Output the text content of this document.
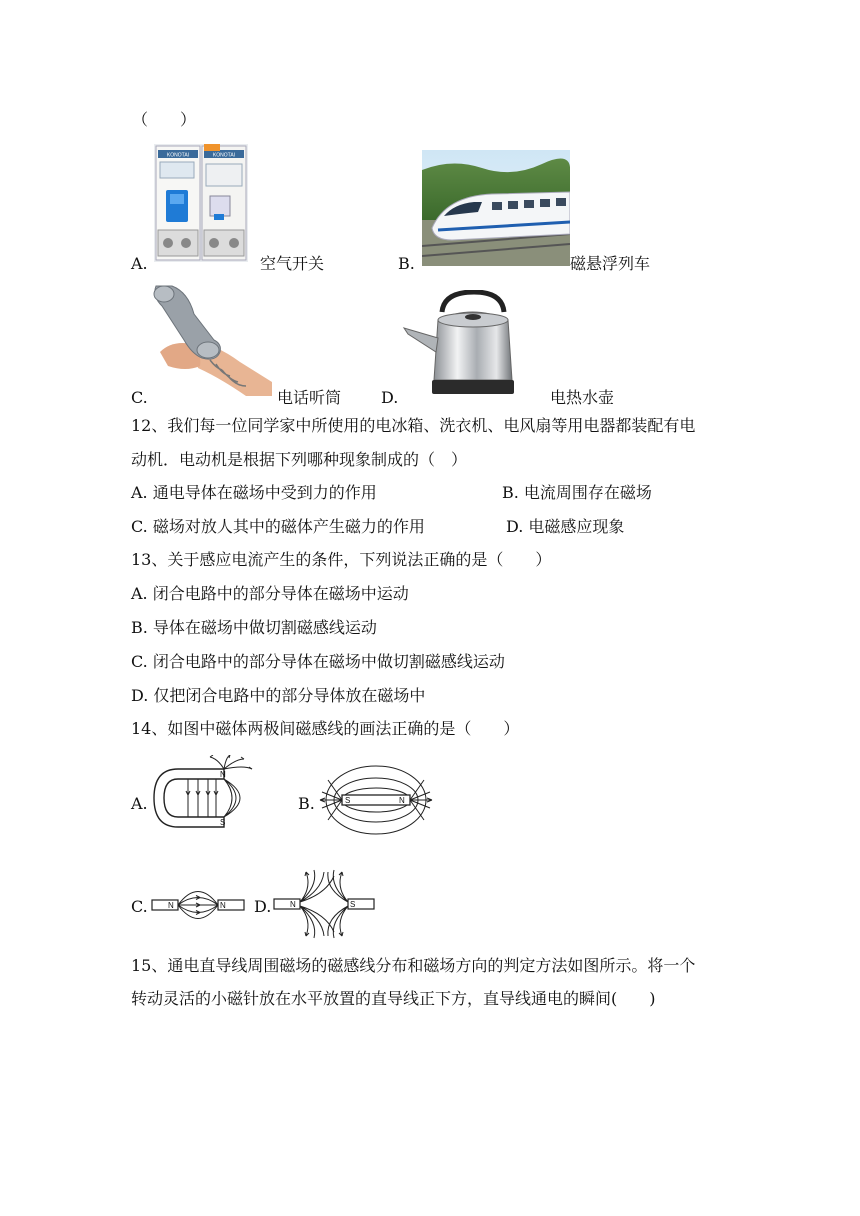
（　　）
A.
KONOTAI	KONOTAI
空气开关	B.	磁悬浮列车
C.	电话听筒 D.	电热水壶
12、我们每一位同学家中所使用的电冰箱、洗衣机、电风扇等用电器都装配有电
动机．电动机是根据下列哪种现象制成的（　）
A. 通电导体在磁场中受到力的作用	B. 电流周围存在磁场
C. 磁场对放人其中的磁体产生磁力的作用	D. 电磁感应现象
13、关于感应电流产生的条件，下列说法正确的是（　　）
A. 闭合电路中的部分导体在磁场中运动
B. 导体在磁场中做切割磁感线运动
C. 闭合电路中的部分导体在磁场中做切割磁感线运动
D. 仅把闭合电路中的部分导体放在磁场中
14、如图中磁体两极间磁感线的画法正确的是（　　）
A.
N
S
B.	S	N
C.	N	N D. N	S
15、通电直导线周围磁场的磁感线分布和磁场方向的判定方法如图所示。将一个
转动灵活的小磁针放在水平放置的直导线正下方，直导线通电的瞬间(　　)
